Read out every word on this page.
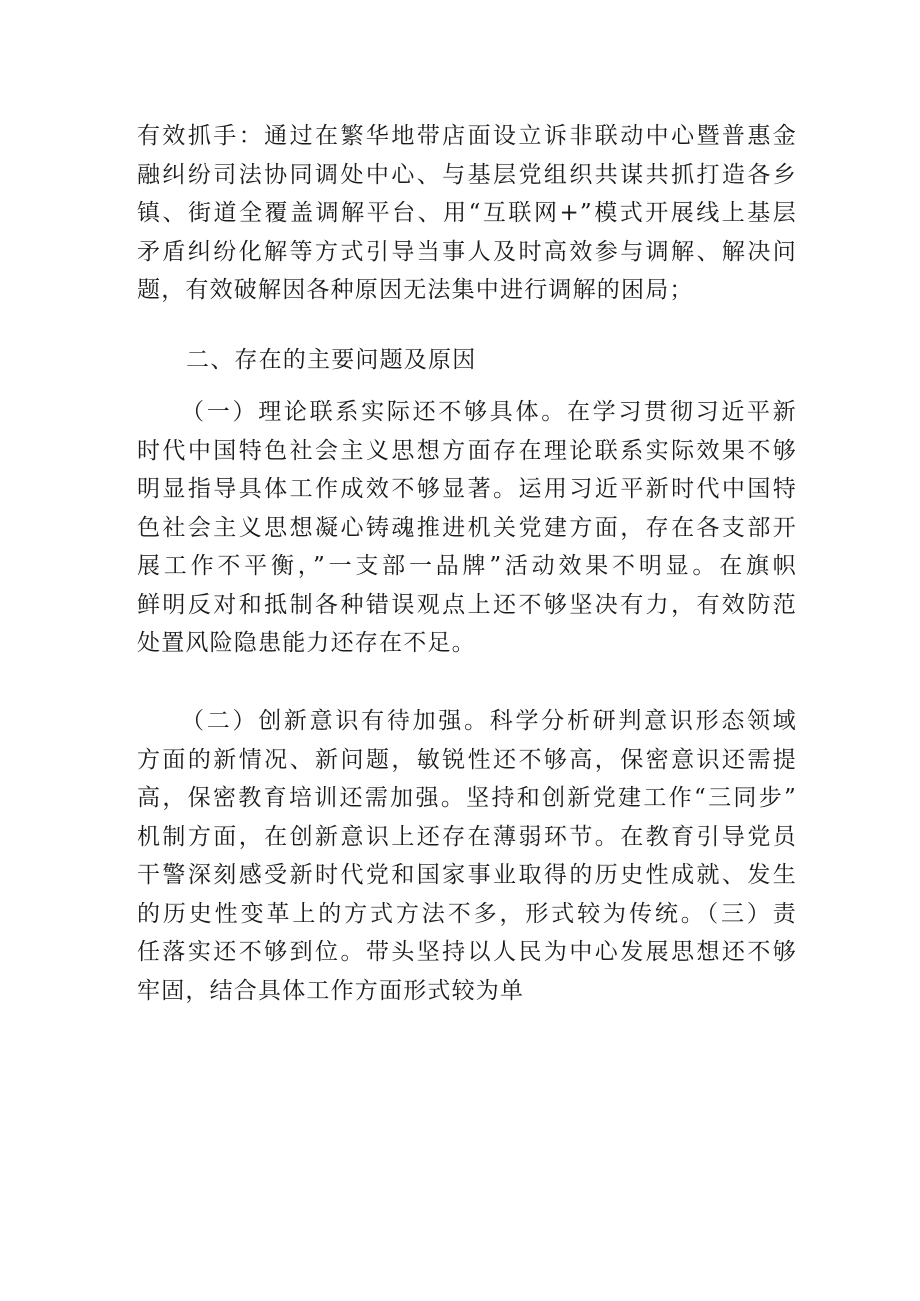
有效抓手：通过在繁华地带店面设立诉非联动中心暨普惠金
融纠纷司法协同调处中心、与基层党组织共谋共抓打造各乡
镇、街道全覆盖调解平台、用“互联网+”模式开展线上基层
矛盾纠纷化解等方式引导当事人及时高效参与调解、解决问
题，有效破解因各种原因无法集中进行调解的困局；
二、存在的主要问题及原因
（一）理论联系实际还不够具体。在学习贯彻习近平新
时代中国特色社会主义思想方面存在理论联系实际效果不够
明显指导具体工作成效不够显著。运用习近平新时代中国特
色社会主义思想凝心铸魂推进机关党建方面，存在各支部开
展工作不平衡，”一支部一品牌”活动效果不明显。在旗帜
鲜明反对和抵制各种错误观点上还不够坚决有力，有效防范
处置风险隐患能力还存在不足。
（二）创新意识有待加强。科学分析研判意识形态领域
方面的新情况、新问题，敏锐性还不够高，保密意识还需提
高，保密教育培训还需加强。坚持和创新党建工作“三同步”
机制方面，在创新意识上还存在薄弱环节。在教育引导党员
干警深刻感受新时代党和国家事业取得的历史性成就、发生
的历史性变革上的方式方法不多，形式较为传统。（三）责
任落实还不够到位。带头坚持以人民为中心发展思想还不够
牢固，结合具体工作方面形式较为单
